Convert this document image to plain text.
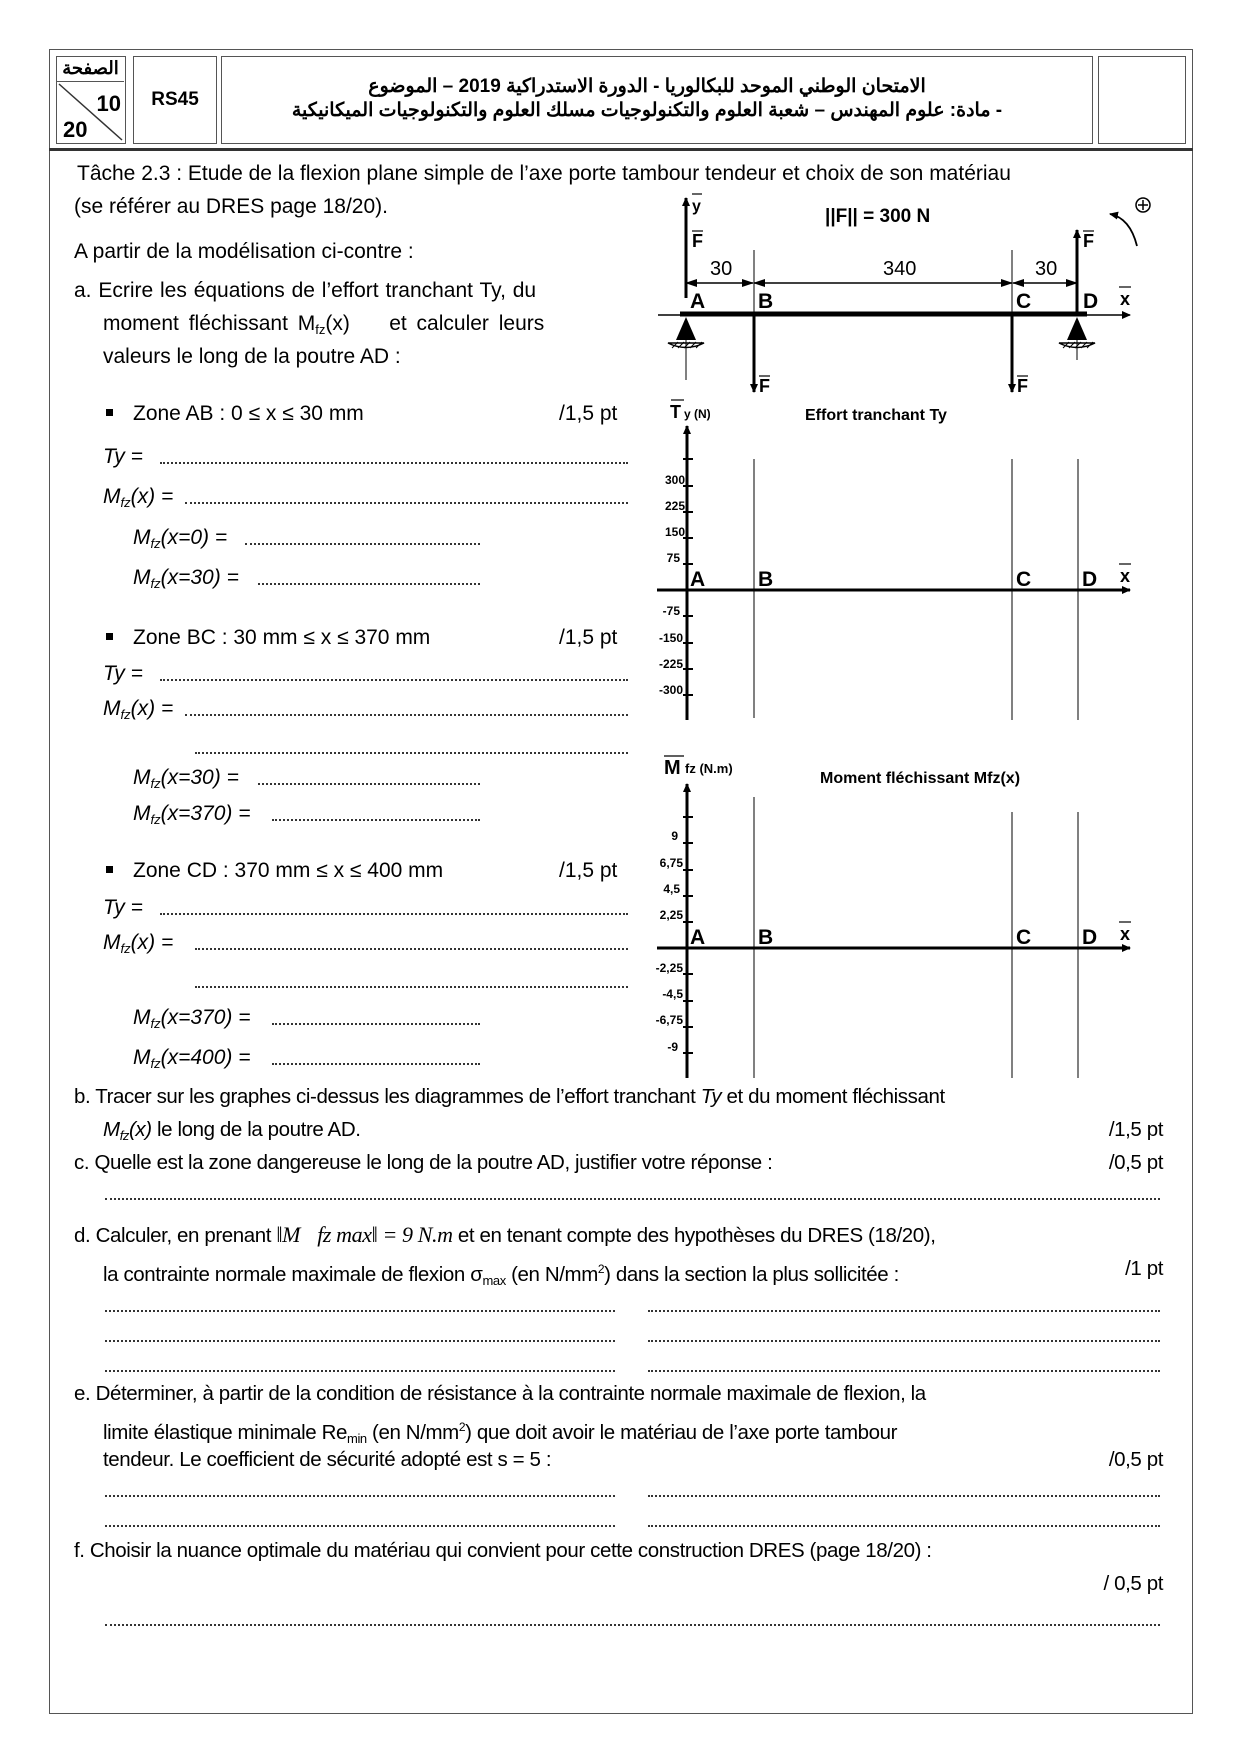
الصفحة
10
20
RS45
الامتحان الوطني الموحد للبكالوريا - الدورة الاستدراكية 2019 – الموضوع
- مادة: علوم المهندس – شعبة العلوم والتكنولوجيات مسلك العلوم والتكنولوجيات الميكانيكية
Tâche 2.3 : Etude de la flexion plane simple de l’axe porte tambour tendeur et choix de son matériau
(se référer au DRES page 18/20).
A partir de la modélisation ci-contre :
a. Ecrire les équations de l’effort tranchant Ty, du
moment fléchissant $M_{fz}(x)$    et calculer leurs
valeurs le long de la poutre AD :
Zone AB : 0 ≤ x ≤ 30 mm	/1,5 pt
Ty =
$M_{fz}(x)$ =
$M_{fz}(x=0)$ =
$M_{fz}(x=30)$ =
Zone BC : 30 mm ≤ x ≤ 370 mm	/1,5 pt
Ty =
$M_{fz}(x)$ =
$M_{fz}(x=30)$ =
$M_{fz}(x=370)$ =
Zone CD : 370 mm ≤ x ≤ 400 mm	/1,5 pt
Ty =
$M_{fz}(x)$ =
$M_{fz}(x=370)$ =
$M_{fz}(x=400)$ =
y
F
30	340	30
A	B	C D x
F
F	F
||F|| = 300 N
T y (N)	Effort tranchant Ty
300
225
150
75
-75
-150
-225
-300
A	B	C D x
M fz (N.m)
Moment fléchissant Mfz(x)
9
6,75
4,5
2,25
-2,25
-4,5
-6,75
-9
A	B	C D x
b. Tracer sur les graphes ci-dessus les diagrammes de l’effort tranchant Ty et du moment fléchissant
$M_{fz}(x)$ le long de la poutre AD.	/1,5 pt
c. Quelle est la zone dangereuse le long de la poutre AD, justifier votre réponse :	/0,5 pt
d. Calculer, en prenant ‖M⃗fz max‖ = 9 N.m et en tenant compte des hypothèses du DRES (18/20),
la contrainte normale maximale de flexion $\sigma_{max}$ (en $N/mm^2$) dans la section la plus sollicitée :	/1 pt
e. Déterminer, à partir de la condition de résistance à la contrainte normale maximale de flexion, la
limite élastique minimale $Re_{min}$ (en $N/mm^2$) que doit avoir le matériau de l’axe porte tambour
tendeur. Le coefficient de sécurité adopté est s = 5 :	/0,5 pt
f. Choisir la nuance optimale du matériau qui convient pour cette construction DRES (page 18/20) :
/ 0,5 pt
